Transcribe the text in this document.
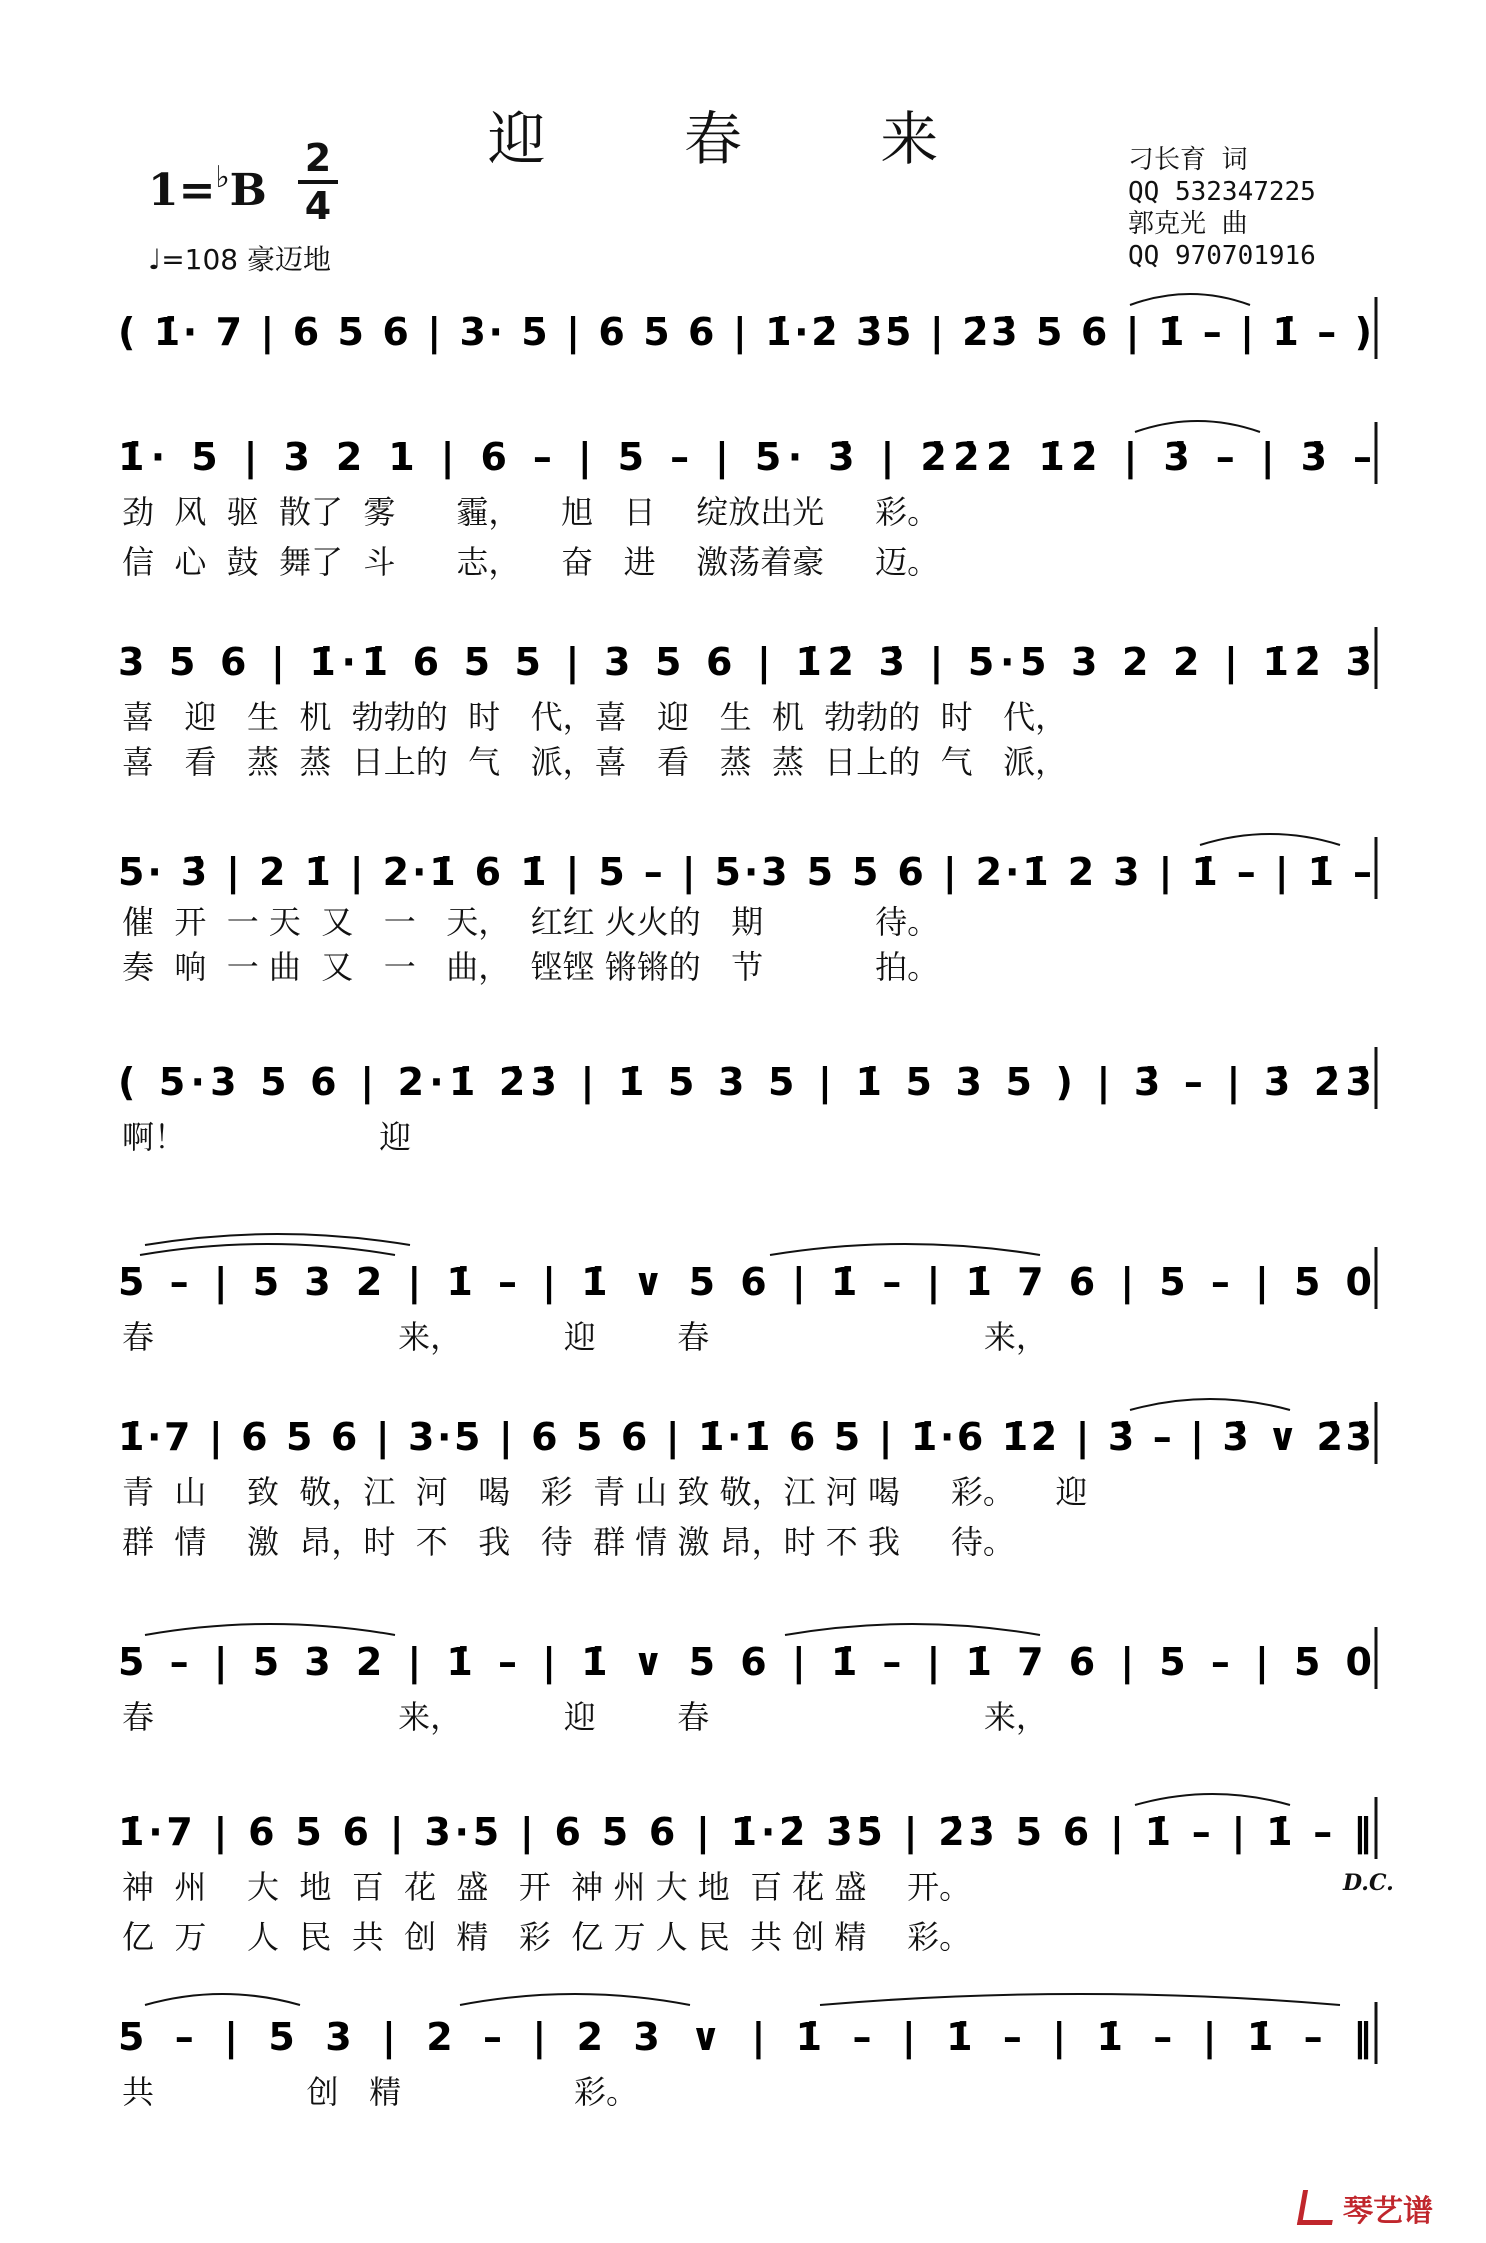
迎 春 来
1=♭B
2
4
♩=108 豪迈地
刁长育 词
QQ 532347225
郭克光 曲
QQ 970701916
( 1̇· 7 | 6 5 6 | 3· 5 | 6 5 6 | 1̇·2̇ 3̇5̇ | 2̇3̇ 5 6 | 1̇ – | 1̇ – )
1̇· 5 | 3 2 1 | 6 – | 5 – | 5· 3̇ | 2̇2̇2̇ 1̇2̇ | 3̇ – | 3̇ –
3 5 6 | 1̇·1̇ 6 5 5 | 3 5 6 | 1̇2̇ 3̇ | 5·5 3 2 2 | 1̇2̇ 3̇
5· 3̇ | 2 1̇ | 2·1̇ 6 1̇ | 5 – | 5·3 5 5 6 | 2·1̇ 2 3 | 1̇ – | 1̇ –
( 5·3 5 6 | 2·1̇ 2̇3̇ | 1̇ 5 3 5 | 1̇ 5 3 5 ) | 3̇ – | 3̇ 2̇3̇
5 – | 5 3 2 | 1̇ – | 1̇ ∨ 5 6 | 1̇ – | 1̇ 7 6 | 5 – | 5 0
1̇·7 | 6 5 6 | 3·5 | 6 5 6 | 1̇·1̇ 6 5 | 1̇·6 1̇2̇ | 3̇ – | 3̇ ∨ 2̇3̇
5 – | 5 3 2 | 1̇ – | 1̇ ∨ 5 6 | 1̇ – | 1̇ 7 6 | 5 – | 5 0
1̇·7 | 6 5 6 | 3·5 | 6 5 6 | 1̇·2̇ 3̇5̇ | 2̇3̇ 5 6 | 1̇ – | 1̇ – ‖
5 – | 5 3 | 2 – | 2 3 ∨ | 1̇ – | 1̇ – | 1̇ – | 1̇ – ‖
劲  风  驱  散了  雾      霾，    旭   日    绽放出光     彩。
信  心  鼓  舞了  斗      志，    奋   进    激荡着豪     迈。
喜   迎   生  机  勃勃的  时   代，喜   迎   生  机  勃勃的  时   代，
喜   看   蒸  蒸  日上的  气   派，喜   看   蒸  蒸  日上的  气   派，
催  开  一 天  又   一   天，  红红 火火的   期           待。
奏  响  一 曲  又   一   曲，  铿铿 锵锵的   节           拍。
啊！                   迎
春                        来，          迎        春                           来，
青  山    致  敬，江  河   喝   彩  青 山 致 敬，江 河 喝     彩。    迎
群  情    激  昂，时  不   我   待  群 情 激 昂，时 不 我     待。
春                        来，          迎        春                           来，
神  州    大  地  百  花  盛   开  神 州 大 地  百 花 盛    开。
亿  万    人  民  共  创  精   彩  亿 万 人 民  共 创 精    彩。
共               创   精                 彩。
D.C.
琴艺谱
